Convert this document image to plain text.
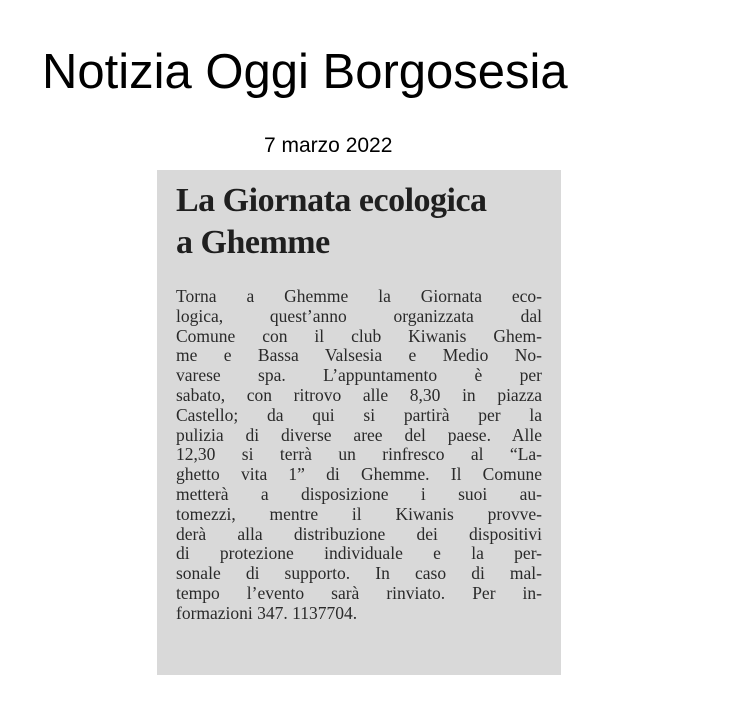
Notizia Oggi Borgosesia
7 marzo 2022
La Giornata ecologica
a Ghemme
Torna a Ghemme la Giornata eco-
logica, quest’anno organizzata dal
Comune con il club Kiwanis Ghem-
me e Bassa Valsesia e Medio No-
varese spa. L’appuntamento è per
sabato, con ritrovo alle 8,30 in piazza
Castello; da qui si partirà per la
pulizia di diverse aree del paese. Alle
12,30 si terrà un rinfresco al “La-
ghetto vita 1” di Ghemme. Il Comune
metterà a disposizione i suoi au-
tomezzi, mentre il Kiwanis provve-
derà alla distribuzione dei dispositivi
di protezione individuale e la per-
sonale di supporto. In caso di mal-
tempo l’evento sarà rinviato. Per in-
formazioni 347. 1137704.
